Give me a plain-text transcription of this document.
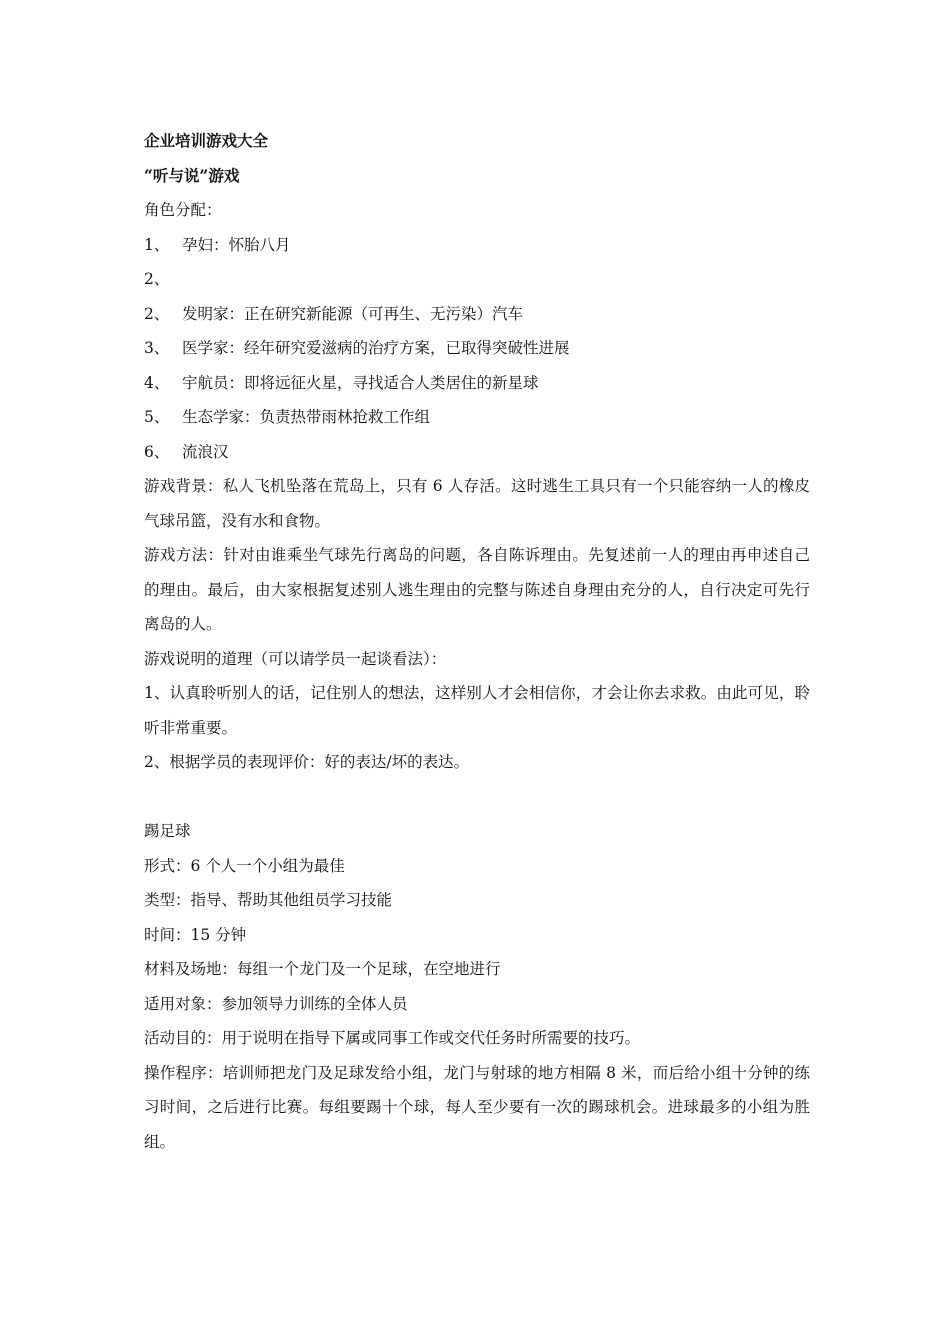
企业培训游戏大全
“听与说”游戏
角色分配：
1、 孕妇：怀胎八月
2、
2、 发明家：正在研究新能源（可再生、无污染）汽车
3、 医学家：经年研究爱滋病的治疗方案，已取得突破性进展
4、 宇航员：即将远征火星，寻找适合人类居住的新星球
5、 生态学家：负责热带雨林抢救工作组
6、 流浪汉
游戏背景：私人飞机坠落在荒岛上，只有 6 人存活。这时逃生工具只有一个只能容纳一人的橡皮气球吊篮，没有水和食物。
游戏方法：针对由谁乘坐气球先行离岛的问题，各自陈诉理由。先复述前一人的理由再申述自己的理由。最后，由大家根据复述别人逃生理由的完整与陈述自身理由充分的人，自行决定可先行离岛的人。
游戏说明的道理（可以请学员一起谈看法）：
1、认真聆听别人的话，记住别人的想法，这样别人才会相信你，才会让你去求救。由此可见，聆听非常重要。
2、根据学员的表现评价：好的表达/坏的表达。
踢足球
形式：6 个人一个小组为最佳
类型：指导、帮助其他组员学习技能
时间：15 分钟
材料及场地：每组一个龙门及一个足球，在空地进行
适用对象：参加领导力训练的全体人员
活动目的：用于说明在指导下属或同事工作或交代任务时所需要的技巧。
操作程序：培训师把龙门及足球发给小组，龙门与射球的地方相隔 8 米，而后给小组十分钟的练习时间，之后进行比赛。每组要踢十个球，每人至少要有一次的踢球机会。进球最多的小组为胜组。
